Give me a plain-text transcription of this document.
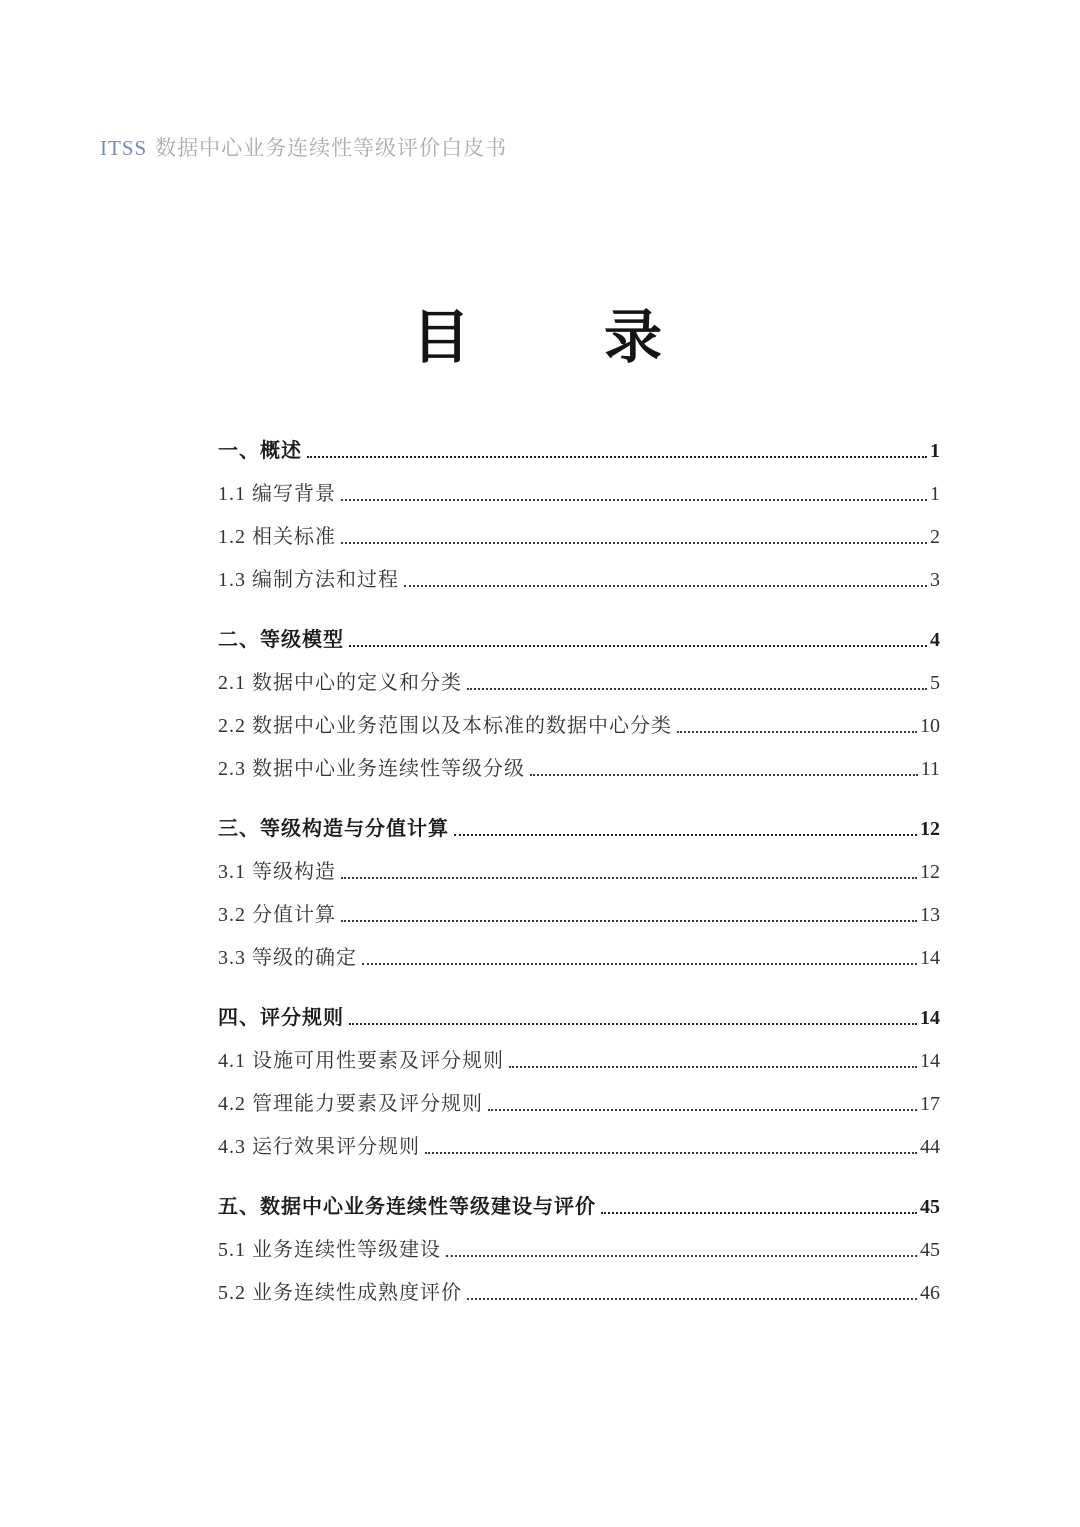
ITSS 数据中心业务连续性等级评价白皮书
目　　录
一、概述	1
1.1 编写背景	1
1.2 相关标准	2
1.3 编制方法和过程	3
二、等级模型	4
2.1 数据中心的定义和分类	5
2.2 数据中心业务范围以及本标准的数据中心分类	10
2.3 数据中心业务连续性等级分级	11
三、等级构造与分值计算	12
3.1 等级构造	12
3.2 分值计算	13
3.3 等级的确定	14
四、评分规则	14
4.1 设施可用性要素及评分规则	14
4.2 管理能力要素及评分规则	17
4.3 运行效果评分规则	44
五、数据中心业务连续性等级建设与评价	45
5.1 业务连续性等级建设	45
5.2 业务连续性成熟度评价	46
